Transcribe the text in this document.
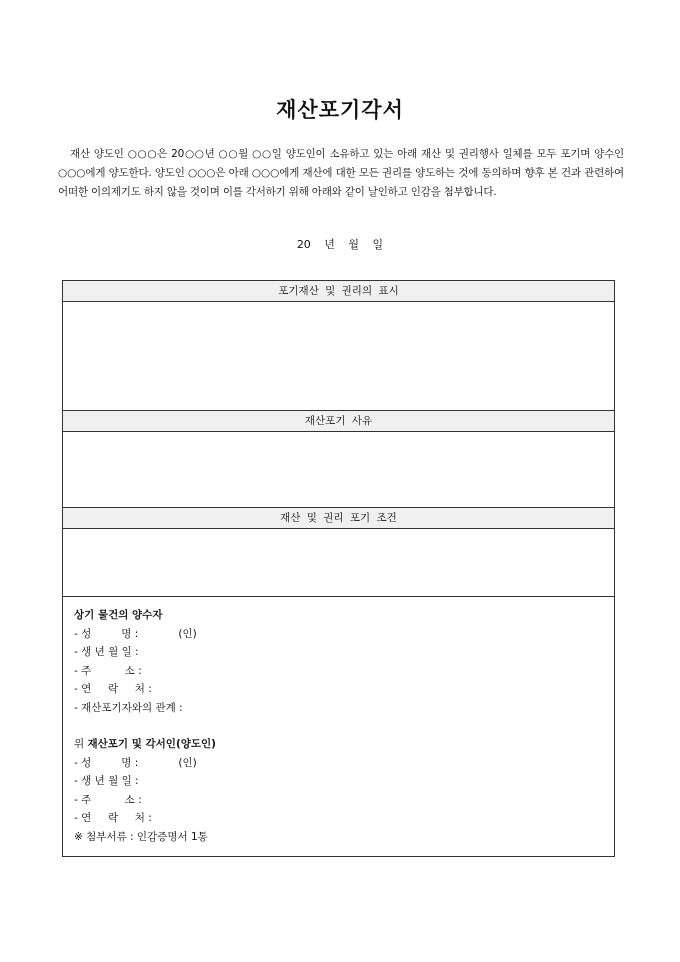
재산포기각서
재산 양도인 ○○○은 20○○년 ○○월 ○○일 양도인이 소유하고 있는 아래 재산 및 권리행사 일체를 모두 포기며 양수인 ○○○에게 양도한다. 양도인 ○○○은 아래 ○○○에게 재산에 대한 모든 권리를 양도하는 것에 동의하며 향후 본 건과 관련하여 어떠한 이의제기도 하지 않을 것이며 이를 각서하기 위해 아래와 같이 날인하고 인감을 첨부합니다.
20 년 월 일
포기재산 및 권리의 표시
재산포기 사유
재산 및 권리 포기 조건
상기 물건의 양수자
- 성         명 :            (인)
- 생 년 월 일 :
- 주          소 :
- 연     락     처 :
- 재산포기자와의 관계 :
위 재산포기 및 각서인(양도인)
- 성         명 :            (인)
- 생 년 월 일 :
- 주          소 :
- 연     락     처 :
※ 첨부서류 : 인감증명서 1통
